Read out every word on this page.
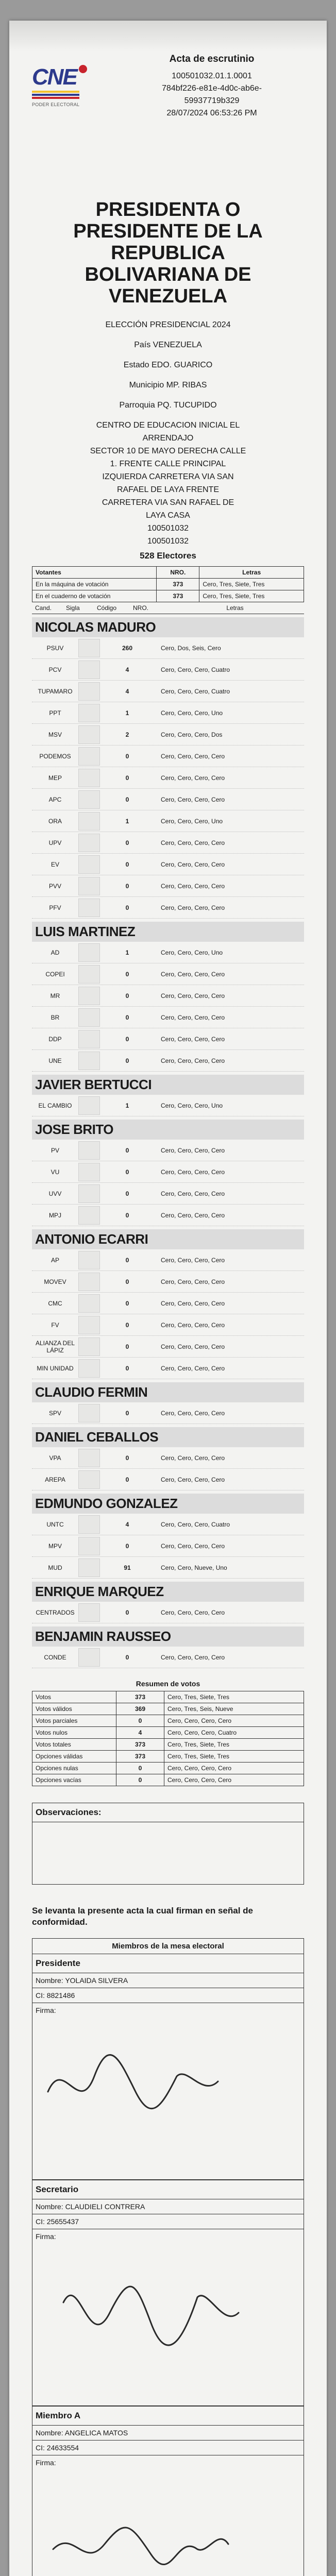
CNE
PODER ELECTORAL
Acta de escrutinio
100501032.01.1.0001
784bf226-e81e-4d0c-ab6e-
59937719b329
28/07/2024 06:53:26 PM
PRESIDENTA O
PRESIDENTE DE LA
REPUBLICA
BOLIVARIANA DE
VENEZUELA
ELECCIÓN PRESIDENCIAL 2024
País VENEZUELA
Estado EDO. GUARICO
Municipio MP. RIBAS
Parroquia PQ. TUCUPIDO
CENTRO DE EDUCACION INICIAL EL
ARRENDAJO
SECTOR 10 DE MAYO DERECHA CALLE
1. FRENTE CALLE PRINCIPAL
IZQUIERDA CARRETERA VIA SAN
RAFAEL DE LAYA FRENTE
CARRETERA VIA SAN RAFAEL DE
LAYA CASA
100501032
100501032
528 Electores
Votantes	NRO.	Letras
En la máquina de votación	373	Cero, Tres, Siete, Tres
En el cuaderno de votación	373	Cero, Tres, Siete, Tres
Cand.	Sigla	Código	NRO.	Letras
NICOLAS MADURO
PSUV	260	Cero, Dos, Seis, Cero
PCV	4	Cero, Cero, Cero, Cuatro
TUPAMARO	4	Cero, Cero, Cero, Cuatro
PPT	1	Cero, Cero, Cero, Uno
MSV	2	Cero, Cero, Cero, Dos
PODEMOS	0	Cero, Cero, Cero, Cero
MEP	0	Cero, Cero, Cero, Cero
APC	0	Cero, Cero, Cero, Cero
ORA	1	Cero, Cero, Cero, Uno
UPV	0	Cero, Cero, Cero, Cero
EV	0	Cero, Cero, Cero, Cero
PVV	0	Cero, Cero, Cero, Cero
PFV	0	Cero, Cero, Cero, Cero
LUIS MARTINEZ
AD	1	Cero, Cero, Cero, Uno
COPEI	0	Cero, Cero, Cero, Cero
MR	0	Cero, Cero, Cero, Cero
BR	0	Cero, Cero, Cero, Cero
DDP	0	Cero, Cero, Cero, Cero
UNE	0	Cero, Cero, Cero, Cero
JAVIER BERTUCCI
EL CAMBIO	1	Cero, Cero, Cero, Uno
JOSE BRITO
PV	0	Cero, Cero, Cero, Cero
VU	0	Cero, Cero, Cero, Cero
UVV	0	Cero, Cero, Cero, Cero
MPJ	0	Cero, Cero, Cero, Cero
ANTONIO ECARRI
AP	0	Cero, Cero, Cero, Cero
MOVEV	0	Cero, Cero, Cero, Cero
CMC	0	Cero, Cero, Cero, Cero
FV	0	Cero, Cero, Cero, Cero
ALIANZA DEL LÁPIZ	0	Cero, Cero, Cero, Cero
MIN UNIDAD	0	Cero, Cero, Cero, Cero
CLAUDIO FERMIN
SPV	0	Cero, Cero, Cero, Cero
DANIEL CEBALLOS
VPA	0	Cero, Cero, Cero, Cero
AREPA	0	Cero, Cero, Cero, Cero
EDMUNDO GONZALEZ
UNTC	4	Cero, Cero, Cero, Cuatro
MPV	0	Cero, Cero, Cero, Cero
MUD	91	Cero, Cero, Nueve, Uno
ENRIQUE MARQUEZ
CENTRADOS	0	Cero, Cero, Cero, Cero
BENJAMIN RAUSSEO
CONDE	0	Cero, Cero, Cero, Cero
Resumen de votos
Votos	373	Cero, Tres, Siete, Tres
Votos válidos	369	Cero, Tres, Seis, Nueve
Votos parciales	0	Cero, Cero, Cero, Cero
Votos nulos	4	Cero, Cero, Cero, Cuatro
Votos totales	373	Cero, Tres, Siete, Tres
Opciones válidas	373	Cero, Tres, Siete, Tres
Opciones nulas	0	Cero, Cero, Cero, Cero
Opciones vacías	0	Cero, Cero, Cero, Cero
Observaciones:
Se levanta la presente acta la cual firman en señal de conformidad.
Miembros de la mesa electoral
Presidente
Nombre: YOLAIDA SILVERA
CI: 8821486
Firma:
Secretario
Nombre: CLAUDIELI CONTRERA
CI: 25655437
Firma:
Miembro A
Nombre: ANGELICA MATOS
CI: 24633554
Firma:
